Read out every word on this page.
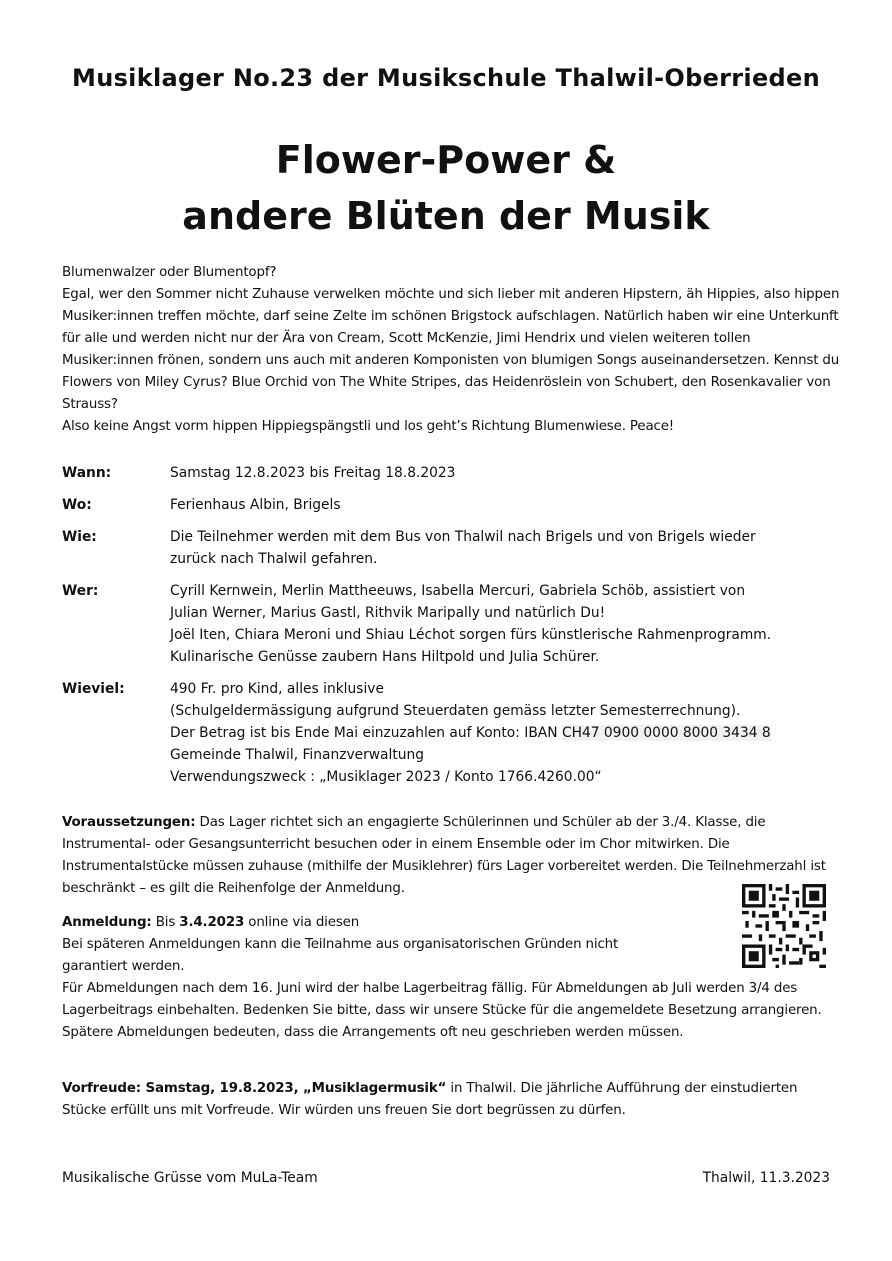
Musiklager No.23 der Musikschule Thalwil-Oberrieden
Flower-Power &
andere Blüten der Musik

Blumenwalzer oder Blumentopf?

Egal, wer den Sommer nicht Zuhause verwelken möchte und sich lieber mit anderen Hipstern, äh Hippies, also hippen Musiker:innen treffen möchte, darf seine Zelte im schönen Brigstock aufschlagen. Natürlich haben wir eine Unterkunft für alle und werden nicht nur der Ära von Cream, Scott McKenzie, Jimi Hendrix und vielen weiteren tollen Musiker:innen frönen, sondern uns auch mit anderen Komponisten von blumigen Songs auseinandersetzen. Kennst du Flowers von Miley Cyrus? Blue Orchid von The White Stripes, das Heidenröslein von Schubert, den Rosenkavalier von Strauss?

Also keine Angst vorm hippen Hippiegspängstli und los geht’s Richtung Blumenwiese. Peace!

Wann:	Samstag 12.8.2023 bis Freitag 18.8.2023
Wo:	Ferienhaus Albin, Brigels
Wie:	Die Teilnehmer werden mit dem Bus von Thalwil nach Brigels und von Brigels wieder
zurück nach Thalwil gefahren.
Wer:	Cyrill Kernwein, Merlin Mattheeuws, Isabella Mercuri, Gabriela Schöb, assistiert von
Julian Werner, Marius Gastl, Rithvik Maripally und natürlich Du!
Joël Iten, Chiara Meroni und Shiau Léchot sorgen fürs künstlerische Rahmenprogramm.
Kulinarische Genüsse zaubern Hans Hiltpold und Julia Schürer.
Wieviel:	490 Fr. pro Kind, alles inklusive
(Schulgeldermässigung aufgrund Steuerdaten gemäss letzter Semesterrechnung).
Der Betrag ist bis Ende Mai einzuzahlen auf Konto: IBAN CH47 0900 0000 8000 3434 8
Gemeinde Thalwil, Finanzverwaltung
Verwendungszweck : „Musiklager 2023 / Konto 1766.4260.00“

Voraussetzungen: Das Lager richtet sich an engagierte Schülerinnen und Schüler ab der 3./4. Klasse, die Instrumental- oder Gesangsunterricht besuchen oder in einem Ensemble oder im Chor mitwirken. Die Instrumentalstücke müssen zuhause (mithilfe der Musiklehrer) fürs Lager vorbereitet werden. Die Teilnehmerzahl ist beschränkt – es gilt die Reihenfolge der Anmeldung.

Anmeldung: Bis 3.4.2023 online via diesen

Bei späteren Anmeldungen kann die Teilnahme aus organisatorischen Gründen nicht

garantiert werden.

Für Abmeldungen nach dem 16. Juni wird der halbe Lagerbeitrag fällig. Für Abmeldungen ab Juli werden 3/4 des Lagerbeitrags einbehalten. Bedenken Sie bitte, dass wir unsere Stücke für die angemeldete Besetzung arrangieren. Spätere Abmeldungen bedeuten, dass die Arrangements oft neu geschrieben werden müssen.

Vorfreude: Samstag, 19.8.2023, „Musiklagermusik“ in Thalwil. Die jährliche Aufführung der einstudierten Stücke erfüllt uns mit Vorfreude. Wir würden uns freuen Sie dort begrüssen zu dürfen.

Musikalische Grüsse vom MuLa-Team	Thalwil, 11.3.2023
